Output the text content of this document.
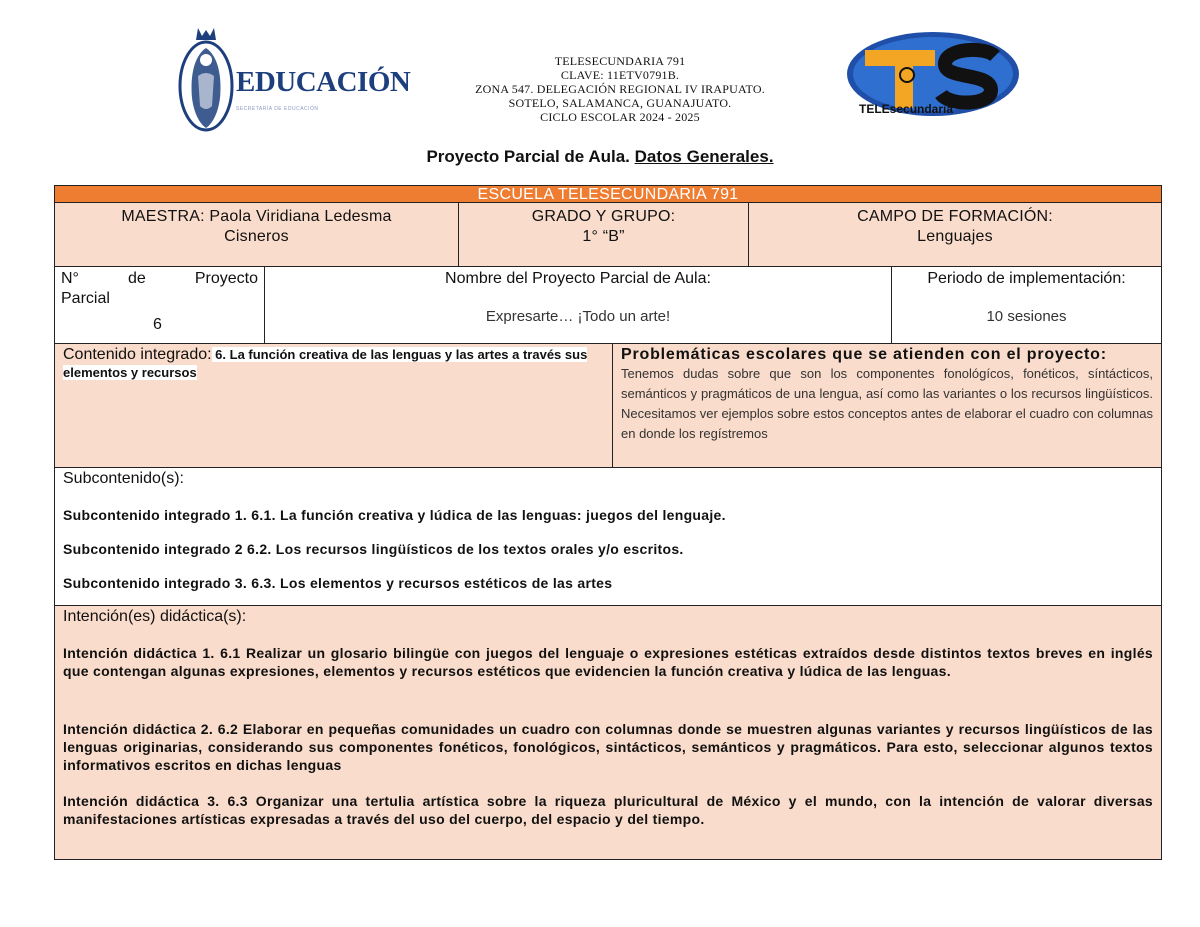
EDUCACIÓN
SECRETARÍA DE EDUCACIÓN
TELESECUNDARIA 791
CLAVE: 11ETV0791B.
ZONA 547. DELEGACIÓN REGIONAL IV IRAPUATO.
SOTELO, SALAMANCA, GUANAJUATO.
CICLO ESCOLAR 2024 - 2025
TELEsecundaria
Proyecto Parcial de Aula. Datos Generales.
ESCUELA TELESECUNDARIA 791
MAESTRA: Paola Viridiana Ledesma
Cisneros
GRADO Y GRUPO:
1° “B”
CAMPO DE FORMACIÓN:
Lenguajes
N°	de	Proyecto
Parcial
6
Nombre del Proyecto Parcial de Aula:
Expresarte… ¡Todo un arte!
Periodo de implementación:
10 sesiones
Contenido integrado: 6. La función creativa de las lenguas y las artes a través sus elementos y recursos
Problemáticas escolares que se atienden con el proyecto:
Tenemos dudas sobre que son los componentes fonológícos, fonéticos, síntácticos, semánticos y pragmáticos de una lengua, así como las variantes o los recursos lingüísticos. Necesitamos ver ejemplos sobre estos conceptos antes de elaborar el cuadro con columnas en donde los regístremos
Subcontenido(s):
Subcontenido integrado 1. 6.1. La función creativa y lúdica de las lenguas: juegos del lenguaje.
Subcontenido integrado 2 6.2. Los recursos lingüísticos de los textos orales y/o escritos.
Subcontenido integrado 3. 6.3. Los elementos y recursos estéticos de las artes
Intención(es) didáctica(s):
Intención didáctica 1. 6.1 Realizar un glosario bilingüe con juegos del lenguaje o expresiones estéticas extraídos desde distintos textos breves en inglés que contengan algunas expresiones, elementos y recursos estéticos que evidencien la función creativa y lúdica de las lenguas.
Intención didáctica 2. 6.2 Elaborar en pequeñas comunidades un cuadro con columnas donde se muestren algunas variantes y recursos lingüísticos de las lenguas originarias, considerando sus componentes fonéticos, fonológicos, sintácticos, semánticos y pragmáticos. Para esto, seleccionar algunos textos informativos escritos en dichas lenguas
Intención didáctica 3. 6.3 Organizar una tertulia artística sobre la riqueza pluricultural de México y el mundo, con la intención de valorar diversas manifestaciones artísticas expresadas a través del uso del cuerpo, del espacio y del tiempo.
